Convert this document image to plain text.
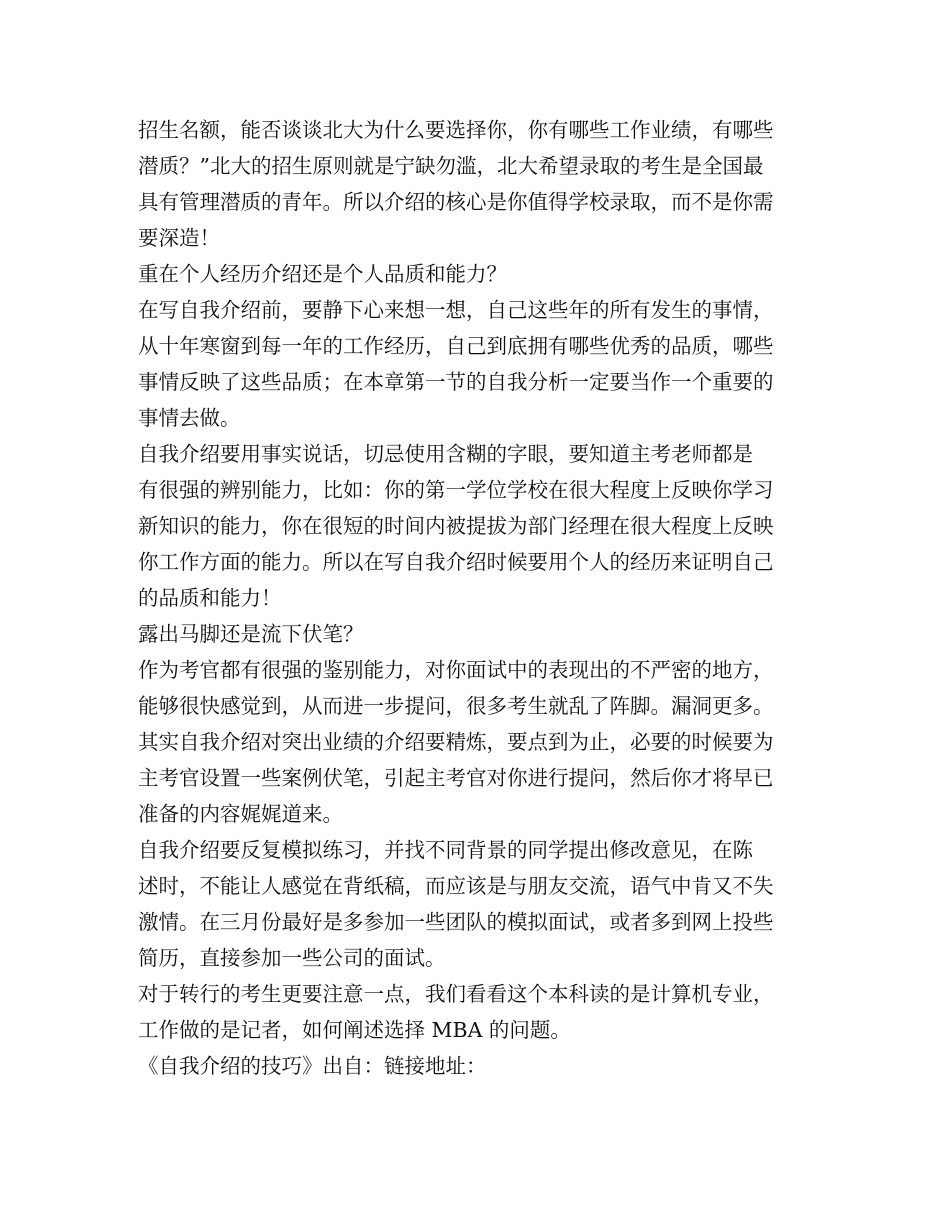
招生名额，能否谈谈北大为什么要选择你，你有哪些工作业绩，有哪些
潜质？”北大的招生原则就是宁缺勿滥，北大希望录取的考生是全国最
具有管理潜质的青年。所以介绍的核心是你值得学校录取，而不是你需
要深造！
重在个人经历介绍还是个人品质和能力？
在写自我介绍前，要静下心来想一想，自己这些年的所有发生的事情，
从十年寒窗到每一年的工作经历，自己到底拥有哪些优秀的品质，哪些
事情反映了这些品质；在本章第一节的自我分析一定要当作一个重要的
事情去做。
自我介绍要用事实说话，切忌使用含糊的字眼，要知道主考老师都是
有很强的辨别能力，比如：你的第一学位学校在很大程度上反映你学习
新知识的能力，你在很短的时间内被提拔为部门经理在很大程度上反映
你工作方面的能力。所以在写自我介绍时候要用个人的经历来证明自己
的品质和能力！
露出马脚还是流下伏笔？
作为考官都有很强的鉴别能力，对你面试中的表现出的不严密的地方，
能够很快感觉到，从而进一步提问，很多考生就乱了阵脚。漏洞更多。
其实自我介绍对突出业绩的介绍要精炼，要点到为止，必要的时候要为
主考官设置一些案例伏笔，引起主考官对你进行提问，然后你才将早已
准备的内容娓娓道来。
自我介绍要反复模拟练习，并找不同背景的同学提出修改意见，在陈
述时，不能让人感觉在背纸稿，而应该是与朋友交流，语气中肯又不失
激情。在三月份最好是多参加一些团队的模拟面试，或者多到网上投些
简历，直接参加一些公司的面试。
对于转行的考生更要注意一点，我们看看这个本科读的是计算机专业，
工作做的是记者，如何阐述选择 MBA 的问题。
《自我介绍的技巧》出自：链接地址：
